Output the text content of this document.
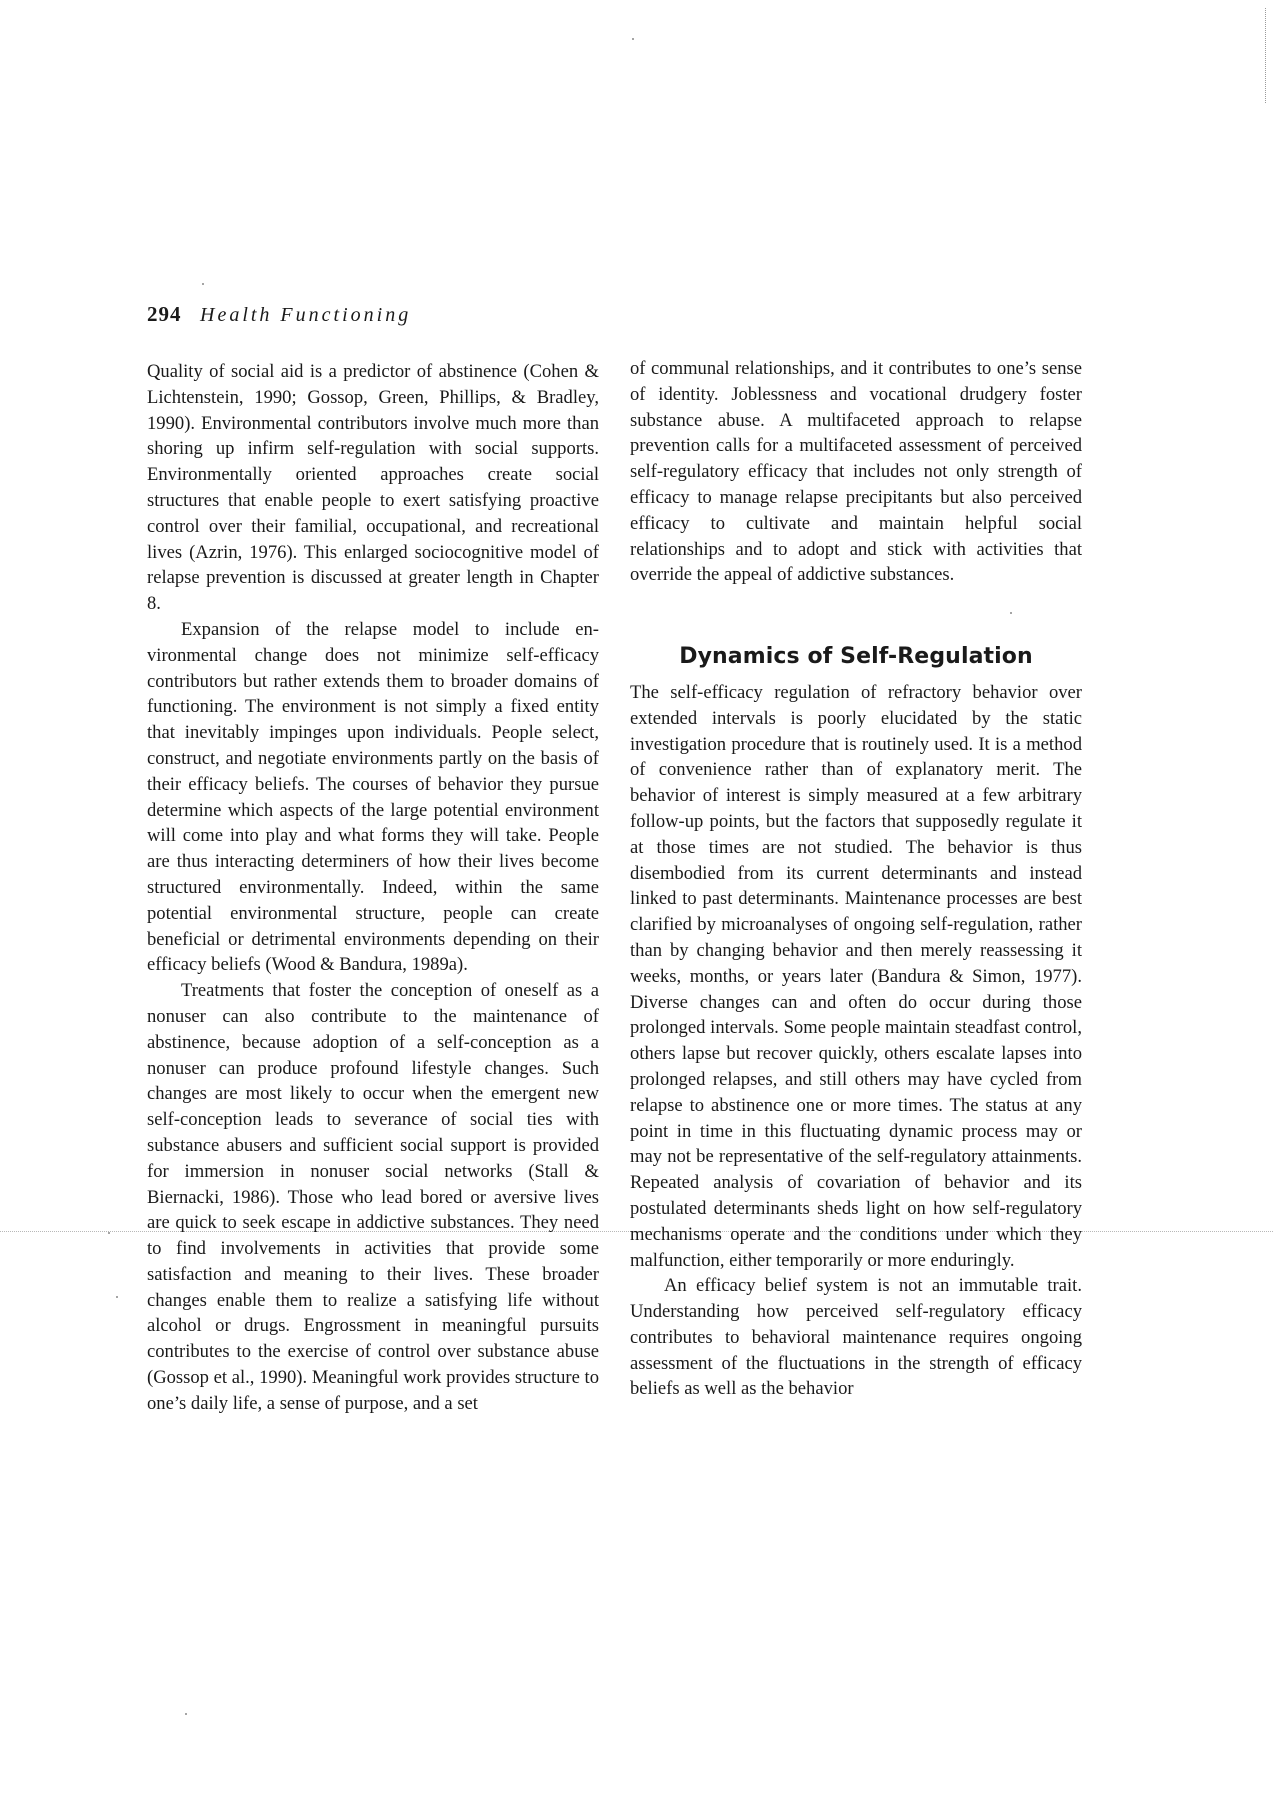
294 Health Functioning

Quality of social aid is a predictor of abstinence (Cohen & Lichtenstein, 1990; Gossop, Green, Phillips, & Bradley, 1990). Environmental contributors involve much more than shoring up infirm self-regulation with social supports. Environmentally oriented approaches create social structures that enable people to exert satisfying proactive control over their familial, occupational, and recreational lives (Azrin, 1976). This enlarged sociocognitive model of relapse prevention is discussed at greater length in Chapter 8.

Expansion of the relapse model to include environmental change does not minimize self-efficacy contributors but rather extends them to broader domains of functioning. The environment is not simply a fixed entity that inevitably impinges upon individuals. People select, construct, and negotiate environments partly on the basis of their efficacy beliefs. The courses of behavior they pursue determine which aspects of the large potential environment will come into play and what forms they will take. People are thus interacting determiners of how their lives become structured environmentally. Indeed, within the same potential environmental structure, people can create beneficial or detrimental environments depending on their efficacy beliefs (Wood & Bandura, 1989a).

Treatments that foster the conception of oneself as a nonuser can also contribute to the maintenance of abstinence, because adoption of a self-conception as a nonuser can produce profound lifestyle changes. Such changes are most likely to occur when the emergent new self-conception leads to severance of social ties with substance abusers and sufficient social support is provided for immersion in nonuser social networks (Stall & Biernacki, 1986). Those who lead bored or aversive lives are quick to seek escape in addictive substances. They need to find involvements in activities that provide some satisfaction and meaning to their lives. These broader changes enable them to realize a satisfying life without alcohol or drugs. Engrossment in meaningful pursuits contributes to the exercise of control over substance abuse (Gossop et al., 1990). Meaningful work provides structure to one’s daily life, a sense of purpose, and a set

of communal relationships, and it contributes to one’s sense of identity. Joblessness and vocational drudgery foster substance abuse. A multifaceted approach to relapse prevention calls for a multifaceted assessment of perceived self-regulatory efficacy that includes not only strength of efficacy to manage relapse precipitants but also perceived efficacy to cultivate and maintain helpful social relationships and to adopt and stick with activities that override the appeal of addictive substances.

Dynamics of Self-Regulation

The self-efficacy regulation of refractory behavior over extended intervals is poorly elucidated by the static investigation procedure that is routinely used. It is a method of convenience rather than of explanatory merit. The behavior of interest is simply measured at a few arbitrary follow-up points, but the factors that supposedly regulate it at those times are not studied. The behavior is thus disembodied from its current determinants and instead linked to past determinants. Maintenance processes are best clarified by microanalyses of ongoing self-regulation, rather than by changing behavior and then merely reassessing it weeks, months, or years later (Bandura & Simon, 1977). Diverse changes can and often do occur during those prolonged intervals. Some people maintain steadfast control, others lapse but recover quickly, others escalate lapses into prolonged relapses, and still others may have cycled from relapse to abstinence one or more times. The status at any point in time in this fluctuating dynamic process may or may not be representative of the self-regulatory attainments. Repeated analysis of covariation of behavior and its postulated determinants sheds light on how self-regulatory mechanisms operate and the conditions under which they malfunction, either temporarily or more enduringly.

An efficacy belief system is not an immutable trait. Understanding how perceived self-regulatory efficacy contributes to behavioral maintenance requires ongoing assessment of the fluctuations in the strength of efficacy beliefs as well as the behavior
